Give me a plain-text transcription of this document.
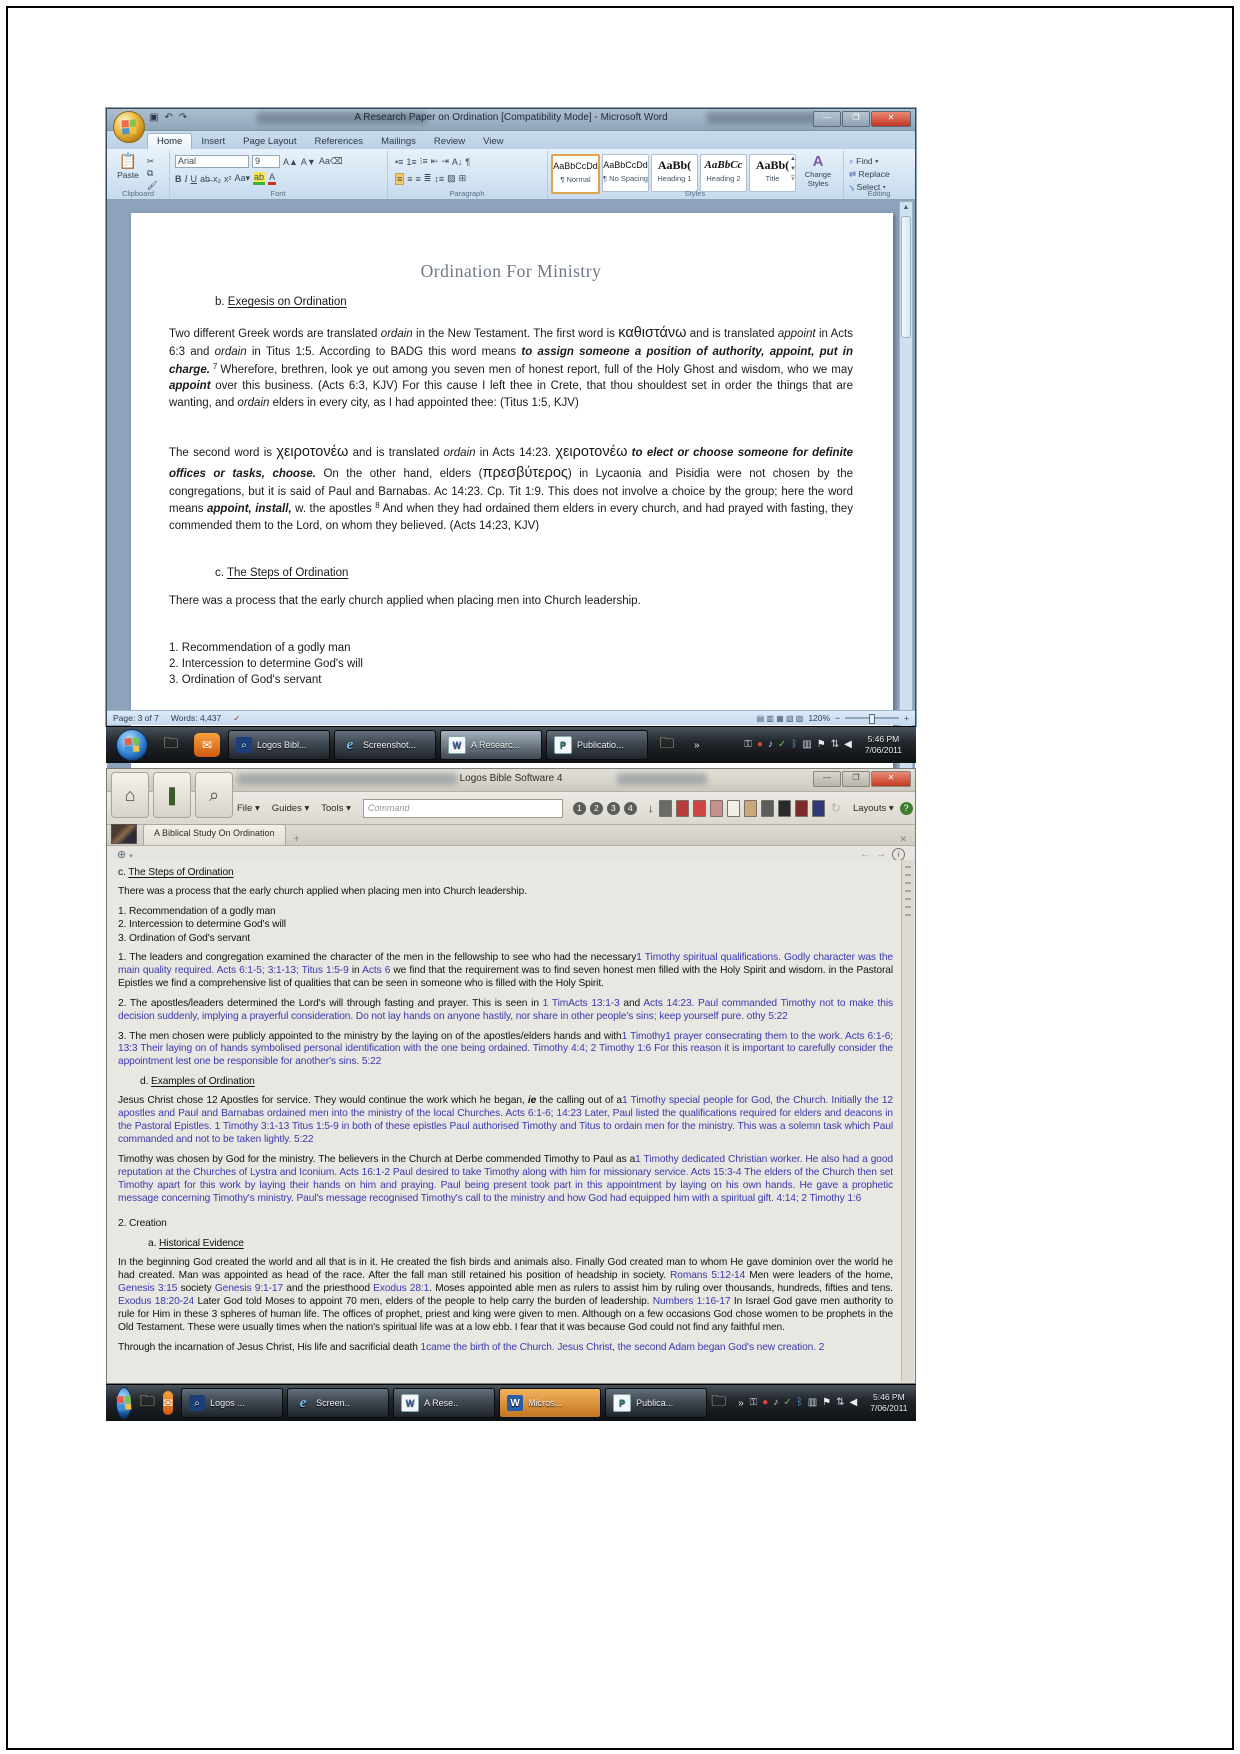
▣ ↶ ↷	A Research Paper on Ordination [Compatibility Mode] - Microsoft Word	—	❐	✕
Home	Insert	Page Layout	References	Mailings	Review	View
📋
Paste
✂
⧉
🖌
Clipboard
Arial	9	A▲ A▼ Aa⌫
B I U ab̶ x₂ x² Aa▾ ab A
Font
•≡ 1≡ ⁝≡ ⇤ ⇥ A↓ ¶
≡ ≡ ≡ ≣ ↕≡ ▨ ⊞
Paragraph
AaBbCcDd
¶ Normal
AaBbCcDd
¶ No Spacing
AaBb(
Heading 1
AaBbCc
Heading 2
AaBb(
Title
▲
▼
⊽
A
Change Styles
Styles
⌕ Find ▾
⇄ Replace
⭸ Select ▾
Editing
Ordination For Ministry
b. Exegesis on Ordination
Two different Greek words are translated ordain in the New Testament. The first word is καθιστάνω and is translated appoint in Acts 6:3 and ordain in Titus 1:5. According to BADG this word means to assign someone a position of authority, appoint, put in charge. $^7$ Wherefore, brethren, look ye out among you seven men of honest report, full of the Holy Ghost and wisdom, who we may appoint over this business. (Acts 6:3, KJV) For this cause I left thee in Crete, that thou shouldest set in order the things that are wanting, and ordain elders in every city, as I had appointed thee: (Titus 1:5, KJV)
The second word is χειροτονέω and is translated ordain in Acts 14:23. χειροτονέω to elect or choose someone for definite offices or tasks, choose. On the other hand, elders (πρεσβύτερος) in Lycaonia and Pisidia were not chosen by the congregations, but it is said of Paul and Barnabas. Ac 14:23. Cp. Tit 1:9. This does not involve a choice by the group; here the word means appoint, install, w. the apostles $^8$ And when they had ordained them elders in every church, and had prayed with fasting, they commended them to the Lord, on whom they believed. (Acts 14:23, KJV)
c. The Steps of Ordination
There was a process that the early church applied when placing men into Church leadership.
1. Recommendation of a godly man
2. Intercession to determine God's will
3. Ordination of God's servant
▲

Page: 3 of 7 Words: 4,437 ✓	▤ ▥ ▦ ▧ ▨ 120% −	+
🗀	✉	⌕	Logos Bibl...	e	Screenshot...	W	A Researc...	P	Publicatio...	🗀	»	⚿ ● ♪ ✓ ᛒ ▥ ⚑ ⇅ ◀	5:46 PM
7/06/2011
Logos Bible Software 4	—	❐	✕
⌂ ❚ ⌕
File ▾ Guides ▾ Tools ▾	Command	1	2	3	4	↓	↻ Layouts ▾	?
A Biblical Study On Ordination
+	✕
⊕ ▾	← →	i
c. The Steps of Ordination
There was a process that the early church applied when placing men into Church leadership.
1. Recommendation of a godly man
2. Intercession to determine God's will
3. Ordination of God's servant
1. The leaders and congregation examined the character of the men in the fellowship to see who had the necessary1 Timothy spiritual qualifications. Godly character was the main quality required. Acts 6:1-5; 3:1-13; Titus 1:5-9 in Acts 6 we find that the requirement was to find seven honest men filled with the Holy Spirit and wisdom. in the Pastoral Epistles we find a comprehensive list of qualities that can be seen in someone who is filled with the Holy Spirit.
2. The apostles/leaders determined the Lord's will through fasting and prayer. This is seen in 1 TimActs 13:1-3 and Acts 14:23. Paul commanded Timothy not to make this decision suddenly, implying a prayerful consideration. Do not lay hands on anyone hastily, nor share in other people's sins; keep yourself pure. othy 5:22
3. The men chosen were publicly appointed to the ministry by the laying on of the apostles/elders hands and with1 Timothy1 prayer consecrating them to the work. Acts 6:1-6; 13:3 Their laying on of hands symbolised personal identification with the one being ordained. Timothy 4:4; 2 Timothy 1:6 For this reason it is important to carefully consider the appointment lest one be responsible for another's sins. 5:22
d. Examples of Ordination
Jesus Christ chose 12 Apostles for service. They would continue the work which he began, ie the calling out of a1 Timothy special people for God, the Church. Initially the 12 apostles and Paul and Barnabas ordained men into the ministry of the local Churches. Acts 6:1-6; 14:23 Later, Paul listed the qualifications required for elders and deacons in the Pastoral Epistles. 1 Timothy 3:1-13 Titus 1:5-9 in both of these epistles Paul authorised Timothy and Titus to ordain men for the ministry. This was a solemn task which Paul commanded and not to be taken lightly. 5:22
Timothy was chosen by God for the ministry. The believers in the Church at Derbe commended Timothy to Paul as a1 Timothy dedicated Christian worker. He also had a good reputation at the Churches of Lystra and Iconium. Acts 16:1-2 Paul desired to take Timothy along with him for missionary service. Acts 15:3-4 The elders of the Church then set Timothy apart for this work by laying their hands on him and praying. Paul being present took part in this appointment by laying on his own hands. He gave a prophetic message concerning Timothy's ministry. Paul's message recognised Timothy's call to the ministry and how God had equipped him with a spiritual gift. 4:14; 2 Timothy 1:6
2. Creation
a. Historical Evidence
In the beginning God created the world and all that is in it. He created the fish birds and animals also. Finally God created man to whom He gave dominion over the world he had created. Man was appointed as head of the race. After the fall man still retained his position of headship in society. Romans 5:12-14 Men were leaders of the home, Genesis 3:15 society Genesis 9:1-17 and the priesthood Exodus 28:1. Moses appointed able men as rulers to assist him by ruling over thousands, hundreds, fifties and tens. Exodus 18:20-24 Later God told Moses to appoint 70 men, elders of the people to help carry the burden of leadership. Numbers 1:16-17 In Israel God gave men authority to rule for Him in these 3 spheres of human life. The offices of prophet, priest and king were given to men. Although on a few occasions God chose women to be prophets in the Old Testament. These were usually times when the nation's spiritual life was at a low ebb. I fear that it was because God could not find any faithful men.
Through the incarnation of Jesus Christ, His life and sacrificial death 1came the birth of the Church. Jesus Christ, the second Adam began God's new creation. 2
🗀 ✉	⌕	Logos ...	e	Screen..	W	A Rese..	W Micros...	P	Publica...	🗀 » ⚿ ● ♪ ✓ ᛒ ▥ ⚑ ⇅ ◀	5:46 PM
7/06/2011
